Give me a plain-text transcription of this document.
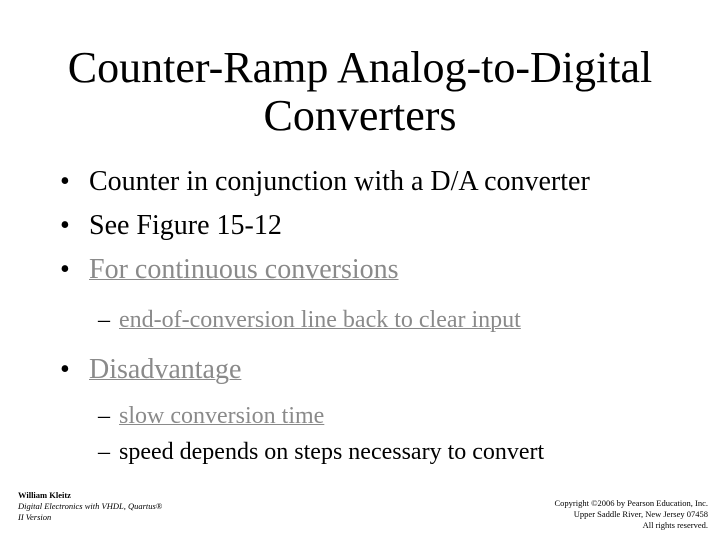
Counter-Ramp Analog-to-Digital
Converters
• Counter in conjunction with a D/A converter
• See Figure 15-12
• For continuous conversions
– end-of-conversion line back to clear input
• Disadvantage
– slow conversion time
– speed depends on steps necessary to convert
William Kleitz
Digital Electronics with VHDL, Quartus®
II Version
Copyright ©2006 by Pearson Education, Inc.
Upper Saddle River, New Jersey 07458
All rights reserved.
